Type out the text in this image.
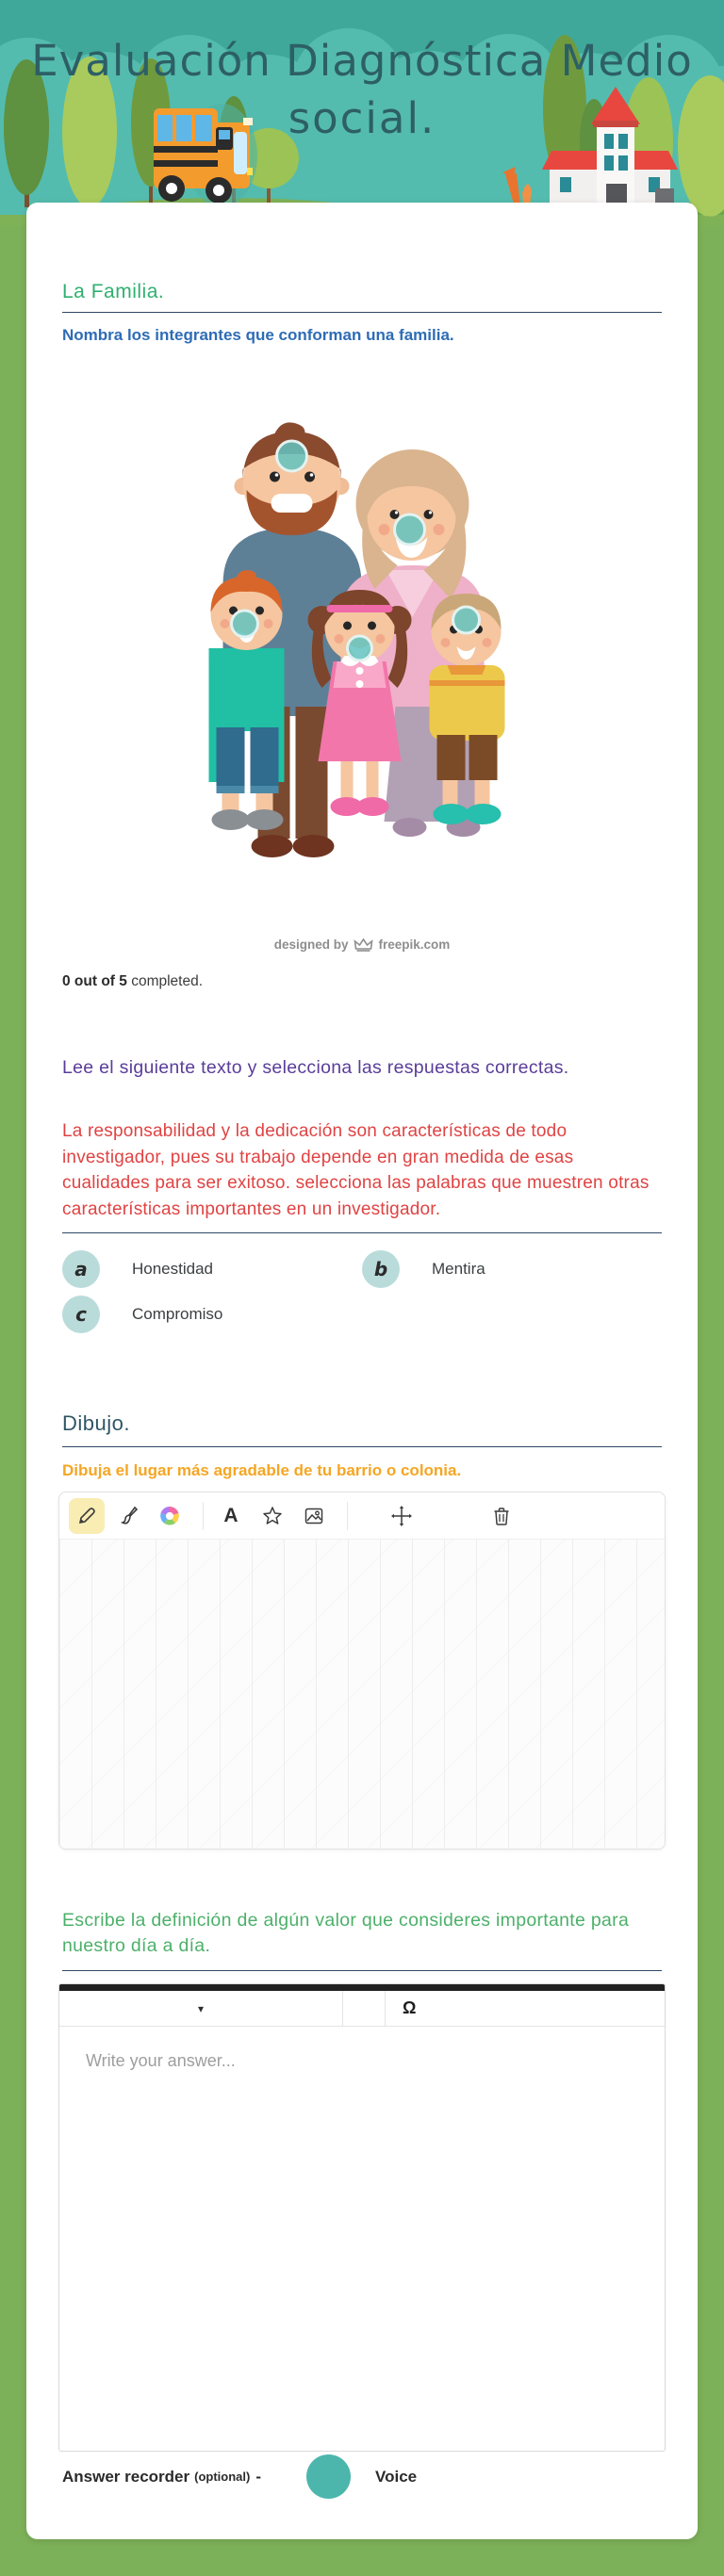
Evaluación Diagnóstica Medio
social.
La Familia.
Nombra los integrantes que conforman una familia.
designed by freepik.com
0 out of 5 completed.
Lee el siguiente texto y selecciona las respuestas correctas.
La responsabilidad y la dedicación son características de todo investigador, pues su trabajo depende en gran medida de esas cualidades para ser exitoso. selecciona las palabras que muestren otras características importantes en un investigador.
a	Honestidad	b	Mentira
c	Compromiso
Dibujo.
Dibuja el lugar más agradable de tu barrio o colonia.
A
Escribe la definición de algún valor que consideres importante para nuestro día a día.
▾	Ω
Write your answer...
Answer recorder (optional) -	Voice
